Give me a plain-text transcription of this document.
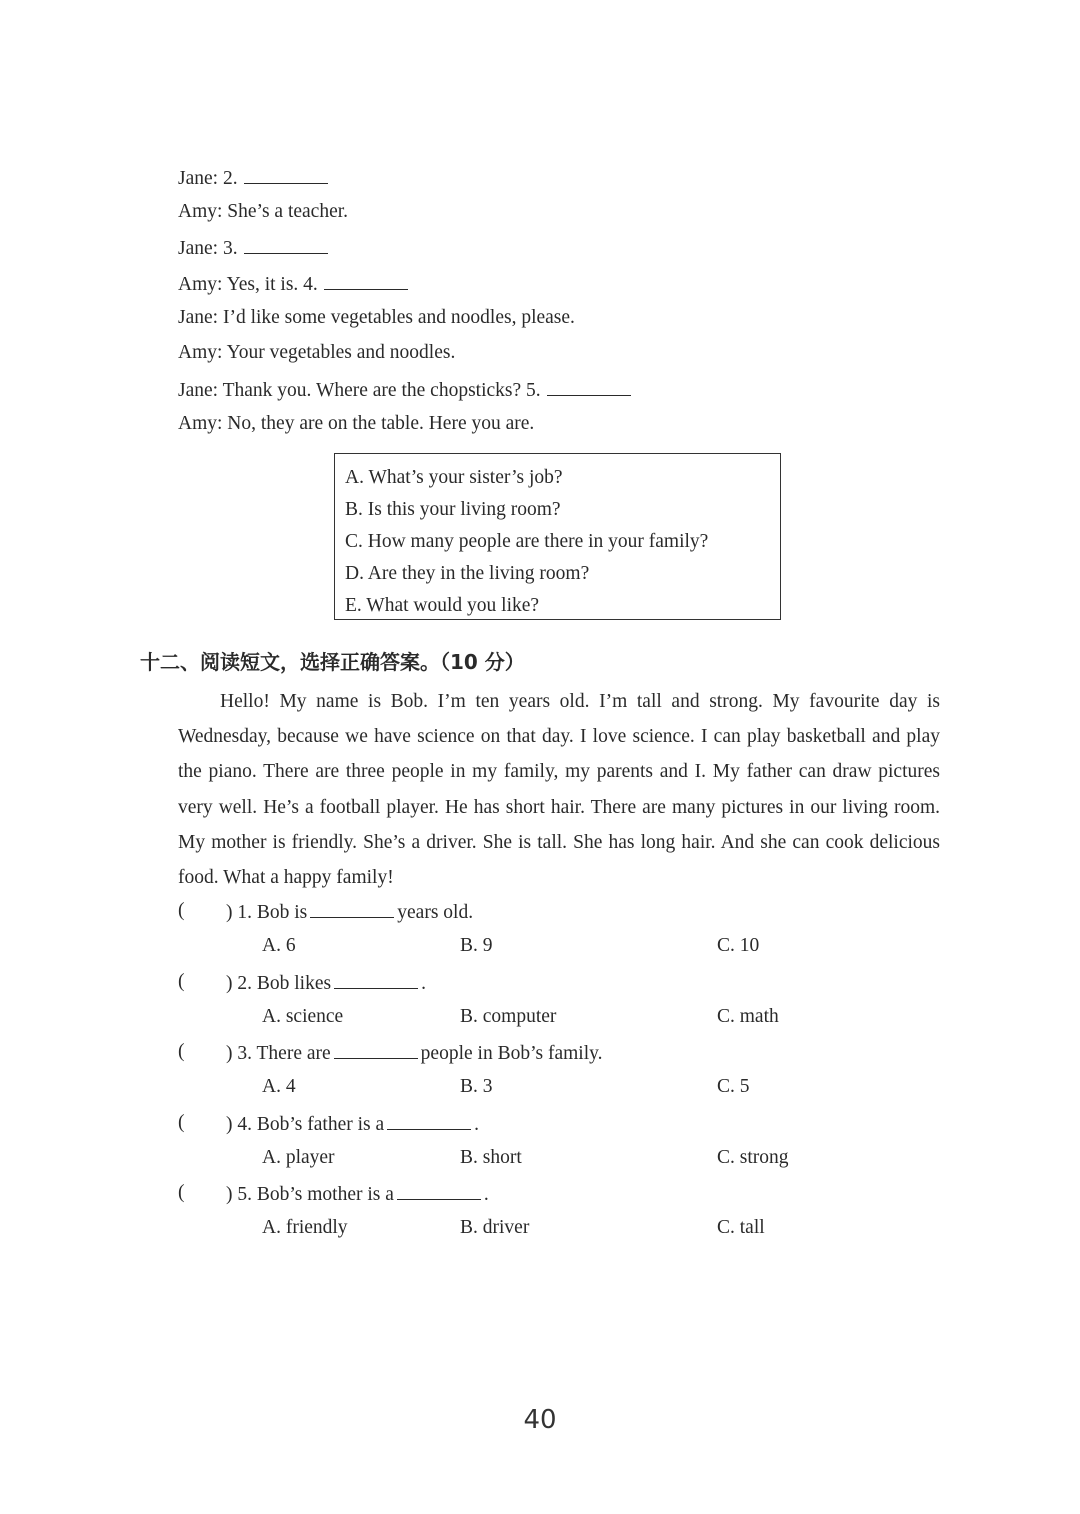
Jane: 2.
Amy: She’s a teacher.
Jane: 3.
Amy: Yes, it is. 4.
Jane: I’d like some vegetables and noodles, please.
Amy: Your vegetables and noodles.
Jane: Thank you. Where are the chopsticks? 5.
Amy: No, they are on the table. Here you are.
A. What’s your sister’s job?
B. Is this your living room?
C. How many people are there in your family?
D. Are they in the living room?
E. What would you like?
十二、阅读短文，选择正确答案。（10 分）
Hello! My name is Bob. I’m ten years old. I’m tall and strong. My favourite day is Wednesday, because we have science on that day. I love science. I can play basketball and play the piano. There are three people in my family, my parents and I. My father can draw pictures very well. He’s a football player. He has short hair. There are many pictures in our living room. My mother is friendly. She’s a driver. She is tall. She has long hair. And she can cook delicious food. What a happy family!
( ) 1. Bob is	years old.
A. 6	B. 9	C. 10
( ) 2. Bob likes	.
A. science	B. computer	C. math
( ) 3. There are	people in Bob’s family.
A. 4	B. 3	C. 5
( ) 4. Bob’s father is a	.
A. player	B. short	C. strong
( ) 5. Bob’s mother is a	.
A. friendly	B. driver	C. tall
40
